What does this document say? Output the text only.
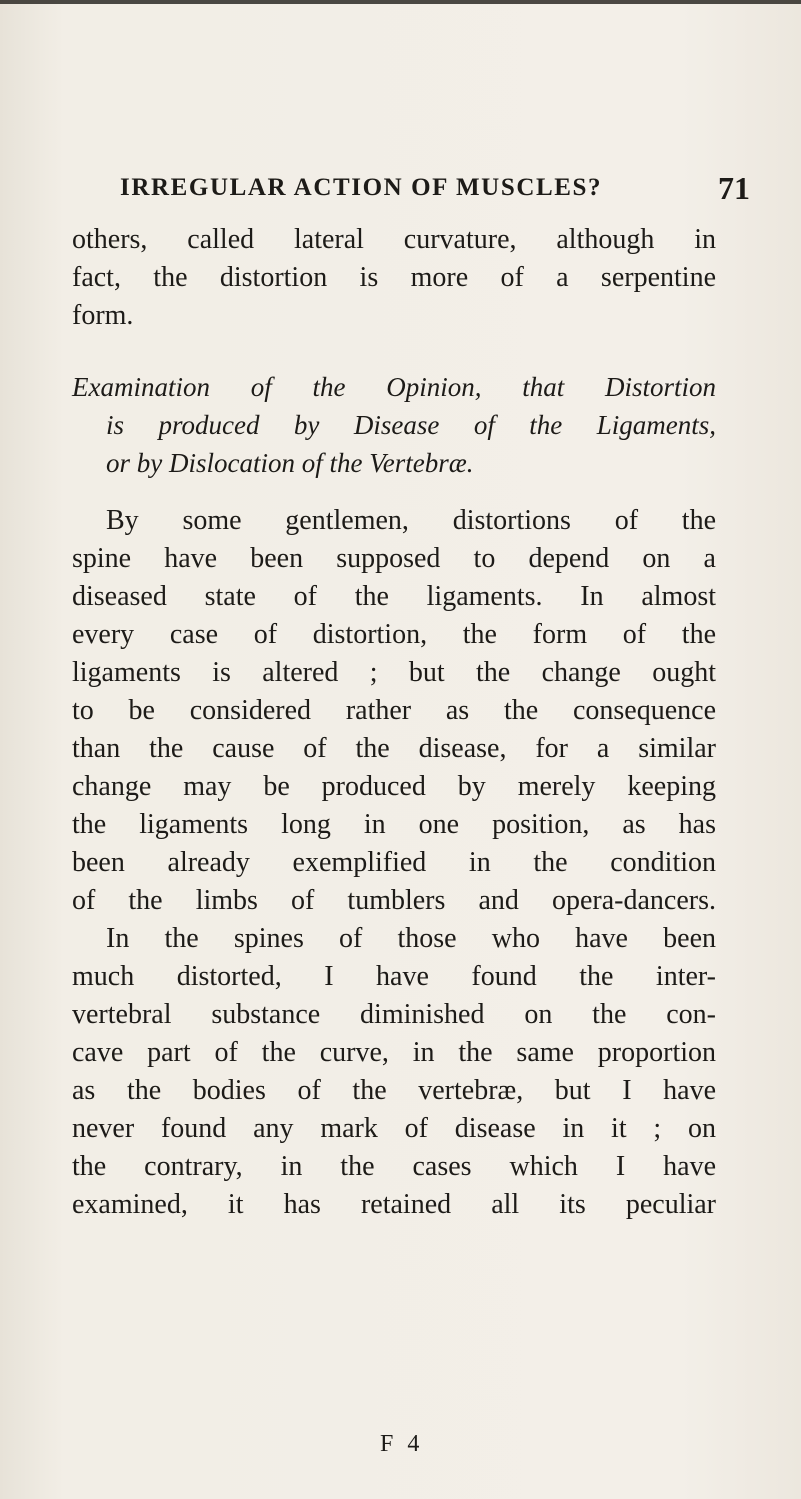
IRREGULAR ACTION OF MUSCLES?	71
others, called lateral curvature, although in
fact, the distortion is more of a serpentine
form.
Examination of the Opinion, that Distortion
is produced by Disease of the Ligaments,
or by Dislocation of the Vertebræ.
By some gentlemen, distortions of the
spine have been supposed to depend on a
diseased state of the ligaments. In almost
every case of distortion, the form of the
ligaments is altered ; but the change ought
to be considered rather as the consequence
than the cause of the disease, for a similar
change may be produced by merely keeping
the ligaments long in one position, as has
been already exemplified in the condition
of the limbs of tumblers and opera-dancers.
In the spines of those who have been
much distorted, I have found the inter-
vertebral substance diminished on the con-
cave part of the curve, in the same proportion
as the bodies of the vertebræ, but I have
never found any mark of disease in it ; on
the contrary, in the cases which I have
examined, it has retained all its peculiar
F 4
